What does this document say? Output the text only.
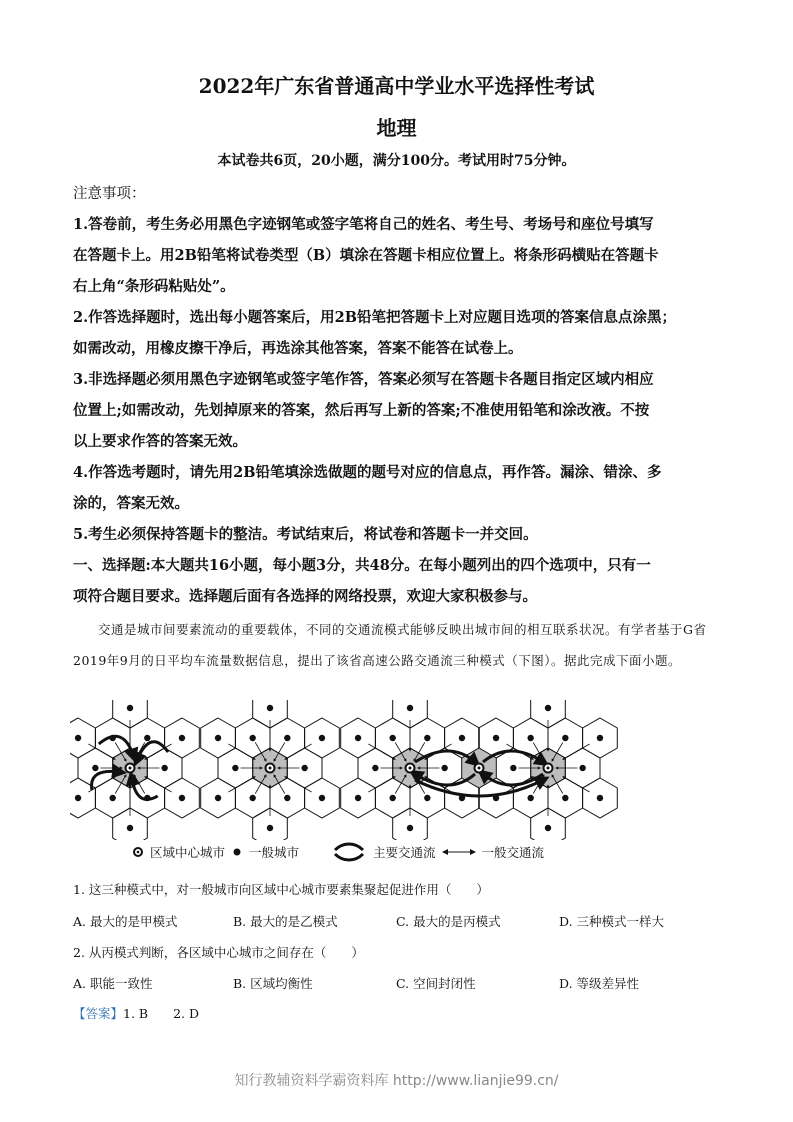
2022年广东省普通高中学业水平选择性考试
地理
本试卷共6页，20小题，满分100分。考试用时75分钟。
注意事项：
1.答卷前，考生务必用黑色字迹钢笔或签字笔将自己的姓名、考生号、考场号和座位号填写
在答题卡上。用2B铅笔将试卷类型（B）填涂在答题卡相应位置上。将条形码横贴在答题卡
右上角“条形码粘贴处”。
2.作答选择题时，选出每小题答案后，用2B铅笔把答题卡上对应题目选项的答案信息点涂黑；
如需改动，用橡皮擦干净后，再选涂其他答案，答案不能答在试卷上。
3.非选择题必须用黑色字迹钢笔或签字笔作答，答案必须写在答题卡各题目指定区域内相应
位置上;如需改动，先划掉原来的答案，然后再写上新的答案;不准使用铅笔和涂改液。不按
以上要求作答的答案无效。
4.作答选考题时，请先用2B铅笔填涂选做题的题号对应的信息点，再作答。漏涂、错涂、多
涂的，答案无效。
5.考生必须保持答题卡的整洁。考试结束后，将试卷和答题卡一并交回。
一、选择题:本大题共16小题，每小题3分，共48分。在每小题列出的四个选项中，只有一
项符合题目要求。选择题后面有各选择的网络投票，欢迎大家积极参与。
交通是城市间要素流动的重要载体，不同的交通流模式能够反映出城市间的相互联系状况。有学者基于G省2019年9月的日平均车流量数据信息，提出了该省高速公路交通流三种模式（下图）。据此完成下面小题。
区域中心城市 一般城市	主要交通流	一般交通流
1. 这三种模式中，对一般城市向区域中心城市要素集聚起促进作用（　　）
A. 最大的是甲模式	B. 最大的是乙模式	C. 最大的是丙模式	D. 三种模式一样大
2. 从丙模式判断，各区域中心城市之间存在（　　）
A. 职能一致性	B. 区域均衡性	C. 空间封闭性	D. 等级差异性
【答案】1. B　　2. D
知行教辅资料学霸资料库 http://www.lianjie99.cn/
